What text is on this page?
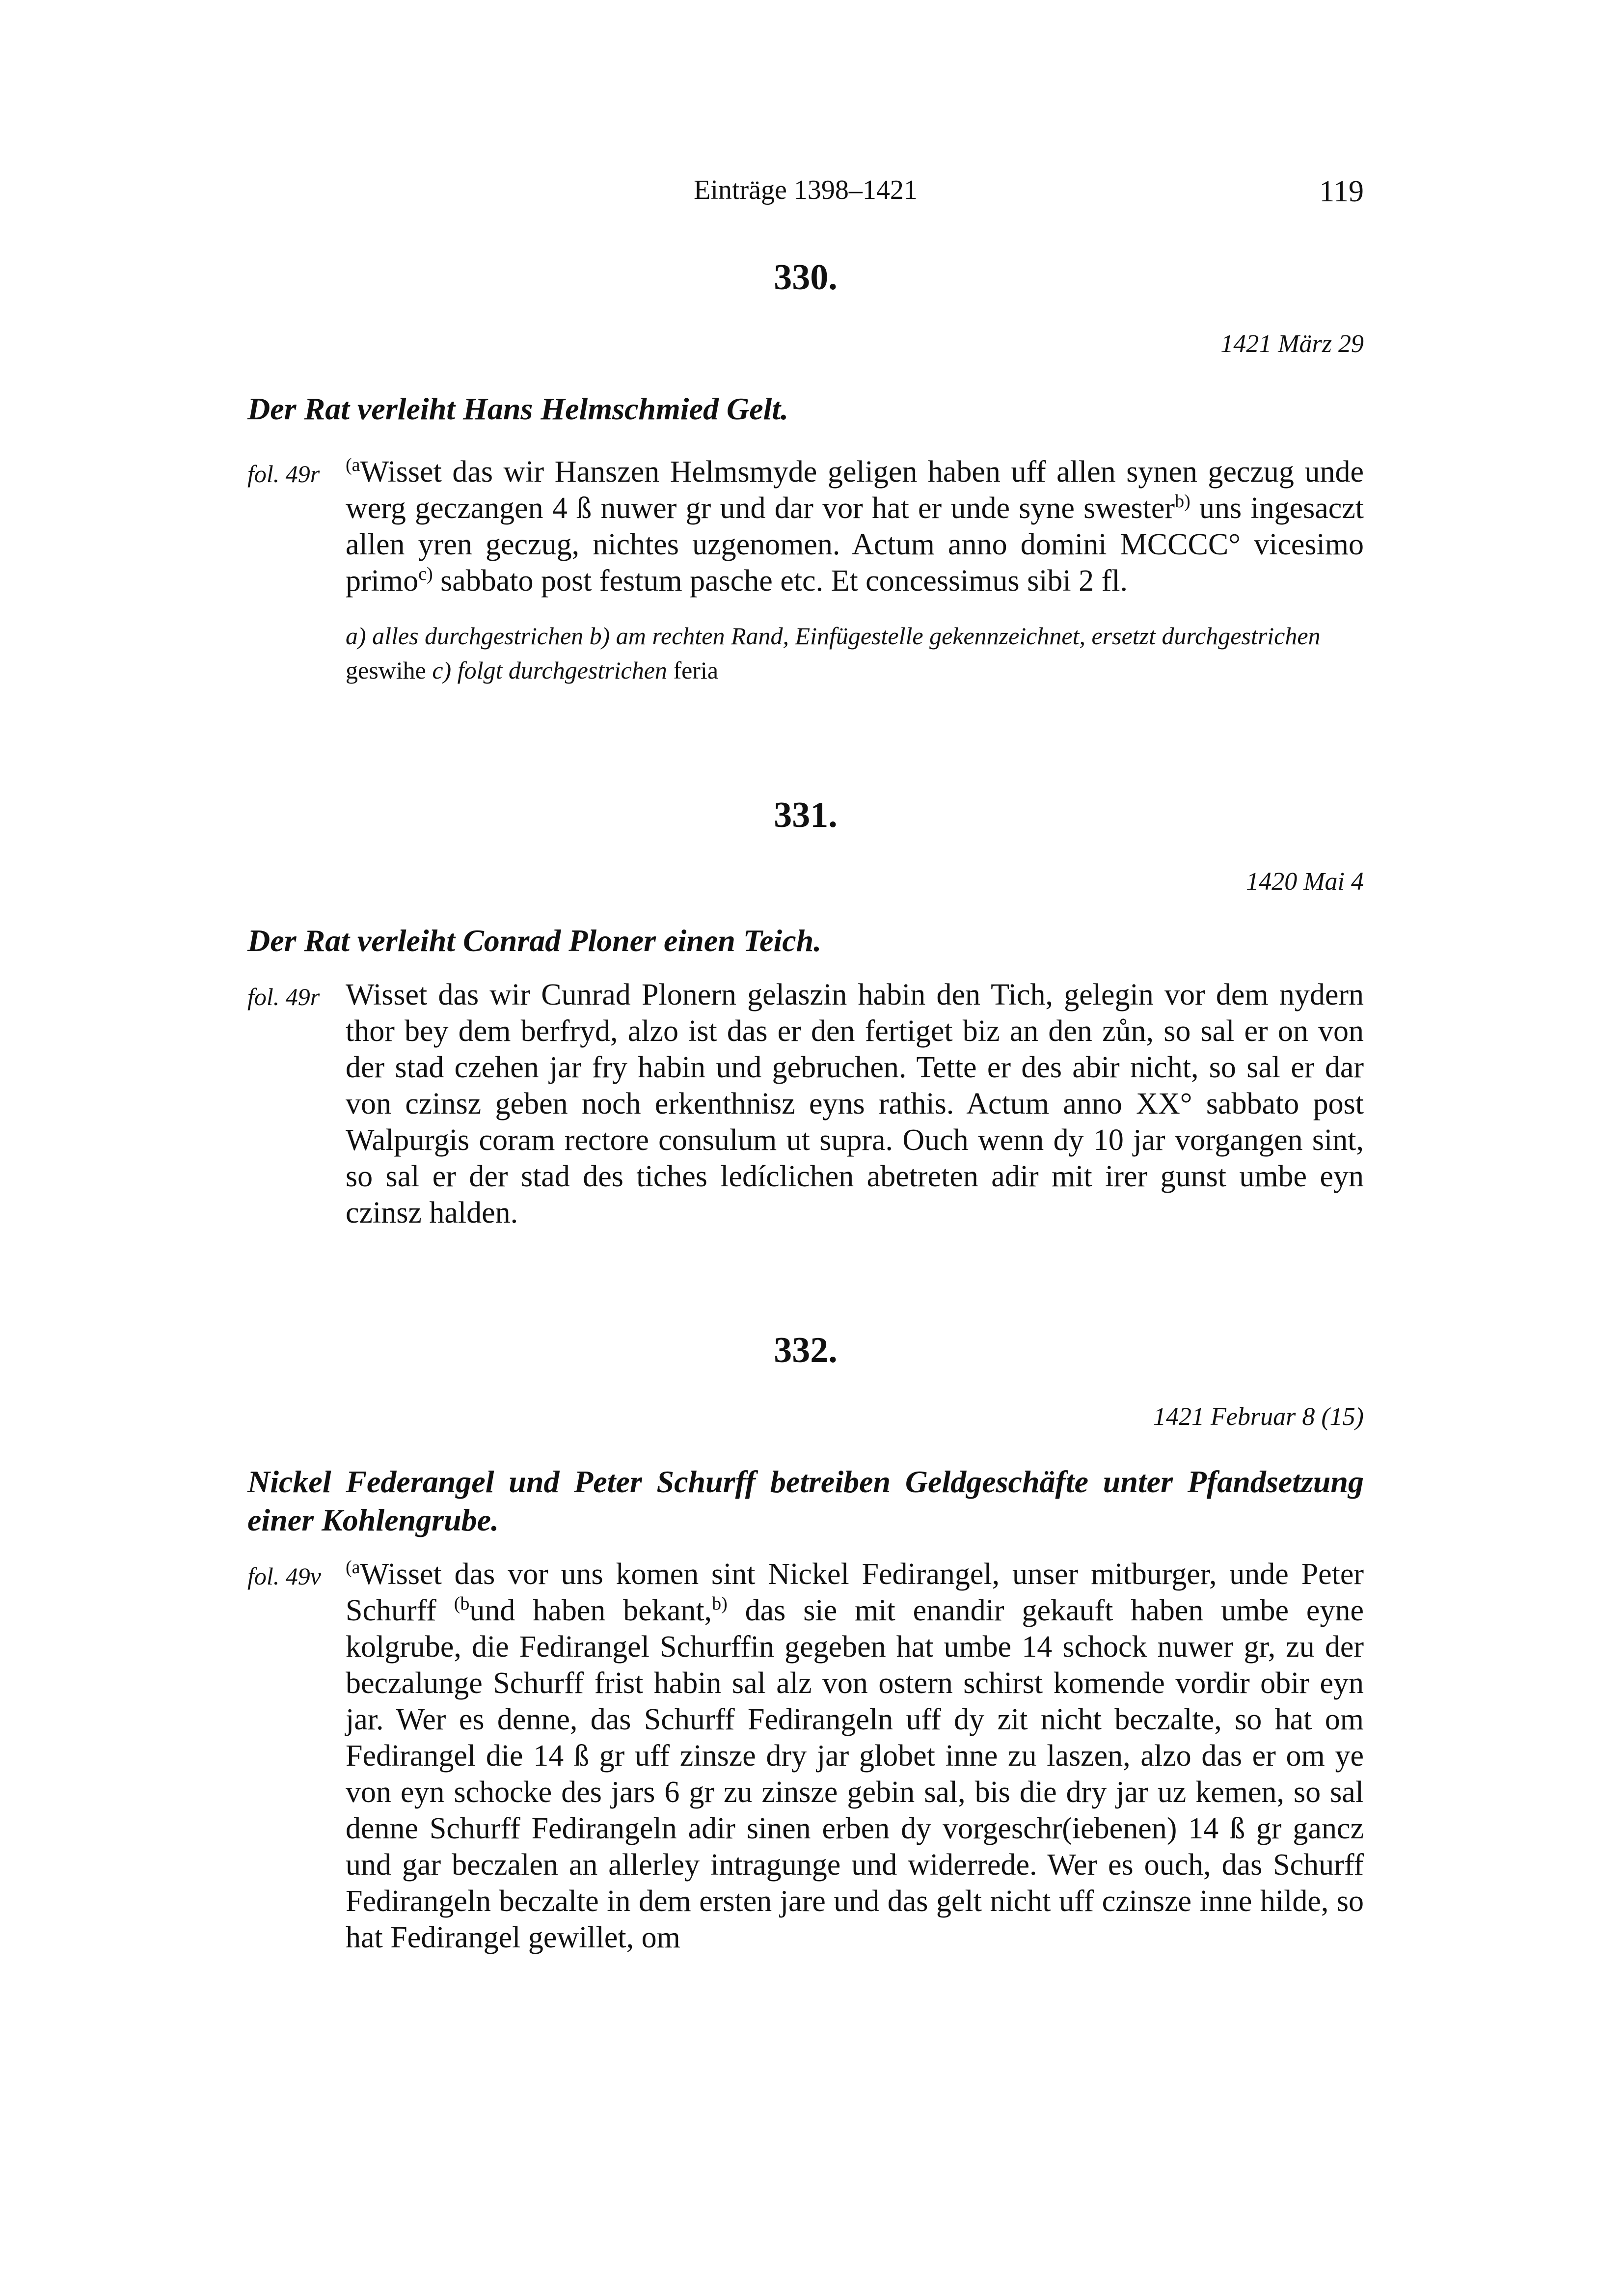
Einträge 1398–1421	119
330.
1421 März 29
Der Rat verleiht Hans Helmschmied Gelt.
fol. 49r $^{(a}$Wisset das wir Hanszen Helmsmyde geligen haben uff allen synen geczug unde werg geczangen 4 ß nuwer gr und dar vor hat er unde syne swester$^{b)}$ uns ingesaczt allen yren geczug, nichtes uzgenomen. Actum anno domini MCCCC° vicesimo primo$^{c)}$ sabbato post festum pasche etc. Et concessimus sibi 2 fl.
a) alles durchgestrichen b) am rechten Rand, Einfügestelle gekennzeichnet, ersetzt durchgestrichen geswihe c) folgt durchgestrichen feria
331.
1420 Mai 4
Der Rat verleiht Conrad Ploner einen Teich.
fol. 49r Wisset das wir Cunrad Plonern gelaszin habin den Tich, gelegin vor dem nydern thor bey dem berfryd, alzo ist das er den fertiget biz an den zůn, so sal er on von der stad czehen jar fry habin und gebruchen. Tette er des abir nicht, so sal er dar von czinsz geben noch erkenthnisz eyns rathis. Actum anno XX° sabbato post Walpurgis coram rectore consulum ut supra. Ouch wenn dy 10 jar vorgangen sint, so sal er der stad des tiches ledíclichen abetreten adir mit irer gunst umbe eyn czinsz halden.
332.
1421 Februar 8 (15)
Nickel Federangel und Peter Schurff betreiben Geldgeschäfte unter Pfandsetzung einer Kohlengrube.
fol. 49v $^{(a}$Wisset das vor uns komen sint Nickel Fedirangel, unser mitburger, unde Peter Schurff $^{(b}$und haben bekant,$^{b)}$ das sie mit enandir gekauft haben umbe eyne kolgrube, die Fedirangel Schurffin gegeben hat umbe 14 schock nuwer gr, zu der beczalunge Schurff frist habin sal alz von ostern schirst komende vordir obir eyn jar. Wer es denne, das Schurff Fedirangeln uff dy zit nicht beczalte, so hat om Fedirangel die 14 ß gr uff zinsze dry jar globet inne zu laszen, alzo das er om ye von eyn schocke des jars 6 gr zu zinsze gebin sal, bis die dry jar uz kemen, so sal denne Schurff Fedirangeln adir sinen erben dy vorgeschr(iebenen) 14 ß gr gancz und gar beczalen an allerley intragunge und widerrede. Wer es ouch, das Schurff Fedirangeln beczalte in dem ersten jare und das gelt nicht uff czinsze inne hilde, so hat Fedirangel gewillet, om
